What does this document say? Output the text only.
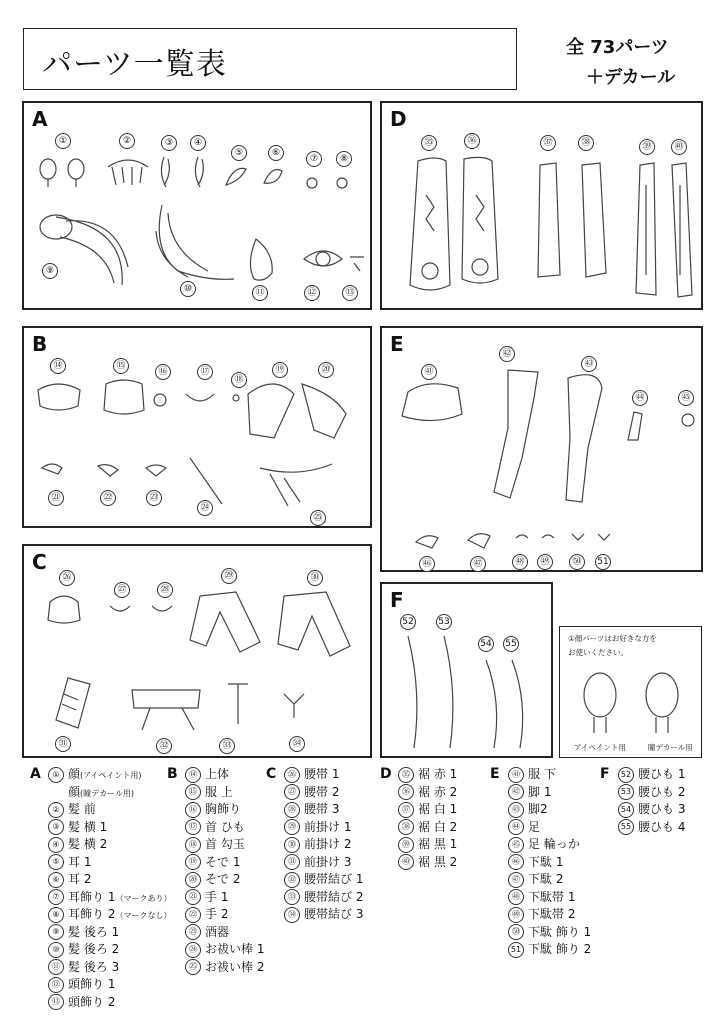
パーツ一覧表	全 73パーツ
＋デカール
A
①	②	③	④
⑤	⑥
⑦	⑧
⑨
⑩	⑪	⑫	⑬
D
㉟	㊱	㊲	㊳	㊴	㊵
B
⑭	⑮
⑯	⑰
⑱
⑲	⑳
㉑	㉒	㉓
㉔
㉕
E
㊶
㊷
㊸
㊹	㊺
㊻	㊼	㊽	㊾	㊿	51
C
㉖
㉗	㉘
㉙	㉚
㉛	㉜	㉝	㉞
F
52	53
54 55
①顔パーツはお好きな方を
お使いください。
アイペイント用	瞳デカール用
A	① 顔(アイペイント用)
顔(瞳デカール用)
② 髪 前
③ 髪 横 1
④ 髪 横 2
⑤ 耳 1
⑥ 耳 2
⑦ 耳飾り 1（マークあり）
⑧ 耳飾り 2（マークなし）
⑨ 髪 後ろ 1
⑩ 髪 後ろ 2
⑪ 髪 後ろ 3
⑫ 頭飾り 1
⑬ 頭飾り 2
B	⑭ 上体
⑮ 服 上
⑯ 胸飾り
⑰ 首 ひも
⑱ 首 勾玉
⑲ そで 1
⑳ そで 2
㉑ 手 1
㉒ 手 2
㉓ 酒器
㉔ お祓い棒 1
㉕ お祓い棒 2
C	㉖ 腰帯 1
㉗ 腰帯 2
㉘ 腰帯 3
㉙ 前掛け 1
㉚ 前掛け 2
㉛ 前掛け 3
㉜ 腰帯結び 1
㉝ 腰帯結び 2
㉞ 腰帯結び 3
D	㉟ 裾 赤 1
㊱ 裾 赤 2
㊲ 裾 白 1
㊳ 裾 白 2
㊴ 裾 黒 1
㊵ 裾 黒 2
E	㊶ 服 下
㊷ 脚 1
㊸ 脚2
㊹ 足
㊺ 足 輪っか
㊻ 下駄 1
㊼ 下駄 2
㊽ 下駄帯 1
㊾ 下駄帯 2
㊿ 下駄 飾り 1
51 下駄 飾り 2
F	52 腰ひも 1
53 腰ひも 2
54 腰ひも 3
55 腰ひも 4
